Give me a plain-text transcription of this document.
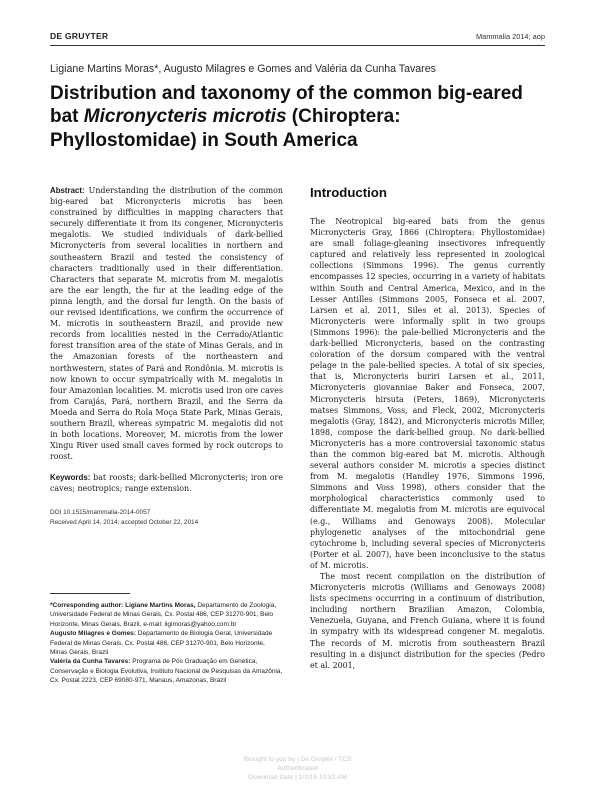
DE GRUYTER	Mammalia 2014; aop
Ligiane Martins Moras*, Augusto Milagres e Gomes and Valéria da Cunha Tavares
Distribution and taxonomy of the common big-eared bat Micronycteris microtis (Chiroptera: Phyllostomidae) in South America

Abstract: Understanding the distribution of the common big-eared bat Micronycteris microtis has been constrained by difficulties in mapping characters that securely differentiate it from its congener, Micronycteris megalotis. We studied individuals of dark-bellied Micronycteris from several localities in northern and southeastern Brazil and tested the consistency of characters traditionally used in their differentiation. Characters that separate M. microtis from M. megalotis are the ear length, the fur at the leading edge of the pinna length, and the dorsal fur length. On the basis of our revised identifications, we confirm the occurrence of M. microtis in southeastern Brazil, and provide new records from localities nested in the Cerrado/Atlantic forest transition area of the state of Minas Gerais, and in the Amazonian forests of the northeastern and northwestern, states of Pará and Rondônia. M. microtis is now known to occur sympatrically with M. megalotis in four Amazonian localities. M. microtis used iron ore caves from Carajás, Pará, northern Brazil, and the Serra da Moeda and Serra do Rola Moça State Park, Minas Gerais, southern Brazil, whereas sympatric M. megalotis did not in both locations. Moreover, M. microtis from the lower Xingu River used small caves formed by rock outcrops to roost.

Keywords: bat roosts; dark-bellied Micronycteris; iron ore caves; neotropics; range extension.

DOI 10.1515/mammalia-2014-0057
Received April 14, 2014; accepted October 22, 2014

*Corresponding author: Ligiane Martins Moras, Departamento de Zoologia, Universidade Federal de Minas Gerais, Cx. Postal 486, CEP 31270-901, Belo Horizonte, Minas Gerais, Brazil, e-mail: ligimoras@yahoo.com.br

Augusto Milagres e Gomes: Departamento de Biologia Geral, Universidade Federal de Minas Gerais, Cx. Postal 486, CEP 31270-901, Belo Horizonte, Minas Gerais, Brazil

Valéria da Cunha Tavares: Programa de Pós Graduação em Genética, Conservação e Biologia Evolutiva, Instituto Nacional de Pesquisas da Amazônia, Cx. Postal 2223, CEP 69080-971, Manaus, Amazonas, Brazil

Introduction

The Neotropical big-eared bats from the genus Micronycteris Gray, 1866 (Chiroptera: Phyllostomidae) are small foliage-gleaning insectivores infrequently captured and relatively less represented in zoological collections (Simmons 1996). The genus currently encompasses 12 species, occurring in a variety of habitats within South and Central America, Mexico, and in the Lesser Antilles (Simmons 2005, Fonseca et al. 2007, Larsen et al. 2011, Siles et al. 2013). Species of Micronycteris were informally split in two groups (Simmons 1996): the pale-bellied Micronycteris and the dark-bellied Micronycteris, based on the contrasting coloration of the dorsum compared with the ventral pelage in the pale-bellied species. A total of six species, that is, Micronycteris buriri Larsen et al., 2011, Micronycteris giovanniae Baker and Fonseca, 2007, Micronycteris hirsuta (Peters, 1869), Micronycteris matses Simmons, Voss, and Fleck, 2002, Micronycteris megalotis (Gray, 1842), and Micronycteris microtis Miller, 1898, compose the dark-bellied group. No dark-bellied Micronycteris has a more controversial taxonomic status than the common big-eared bat M. microtis. Although several authors consider M. microtis a species distinct from M. megalotis (Handley 1976, Simmons 1996, Simmons and Voss 1998), others consider that the morphological characteristics commonly used to differentiate M. megalotis from M. microtis are equivocal (e.g., Williams and Genoways 2008). Molecular phylogenetic analyses of the mitochondrial gene cytochrome b, including several species of Micronycteris (Porter et al. 2007), have been inconclusive to the status of M. microtis.

The most recent compilation on the distribution of Micronycteris microtis (Williams and Genoways 2008) lists specimens occurring in a continuum of distribution, including northern Brazilian Amazon, Colombia, Venezuela, Guyana, and French Guiana, where it is found in sympatry with its widespread congener M. megalotis. The records of M. microtis from southeastern Brazil resulting in a disjunct distribution for the species (Pedro et al. 2001,

Brought to you by | De Gruyter / TCS
Authenticated
Download Date | 1/2/15 10:53 AM
